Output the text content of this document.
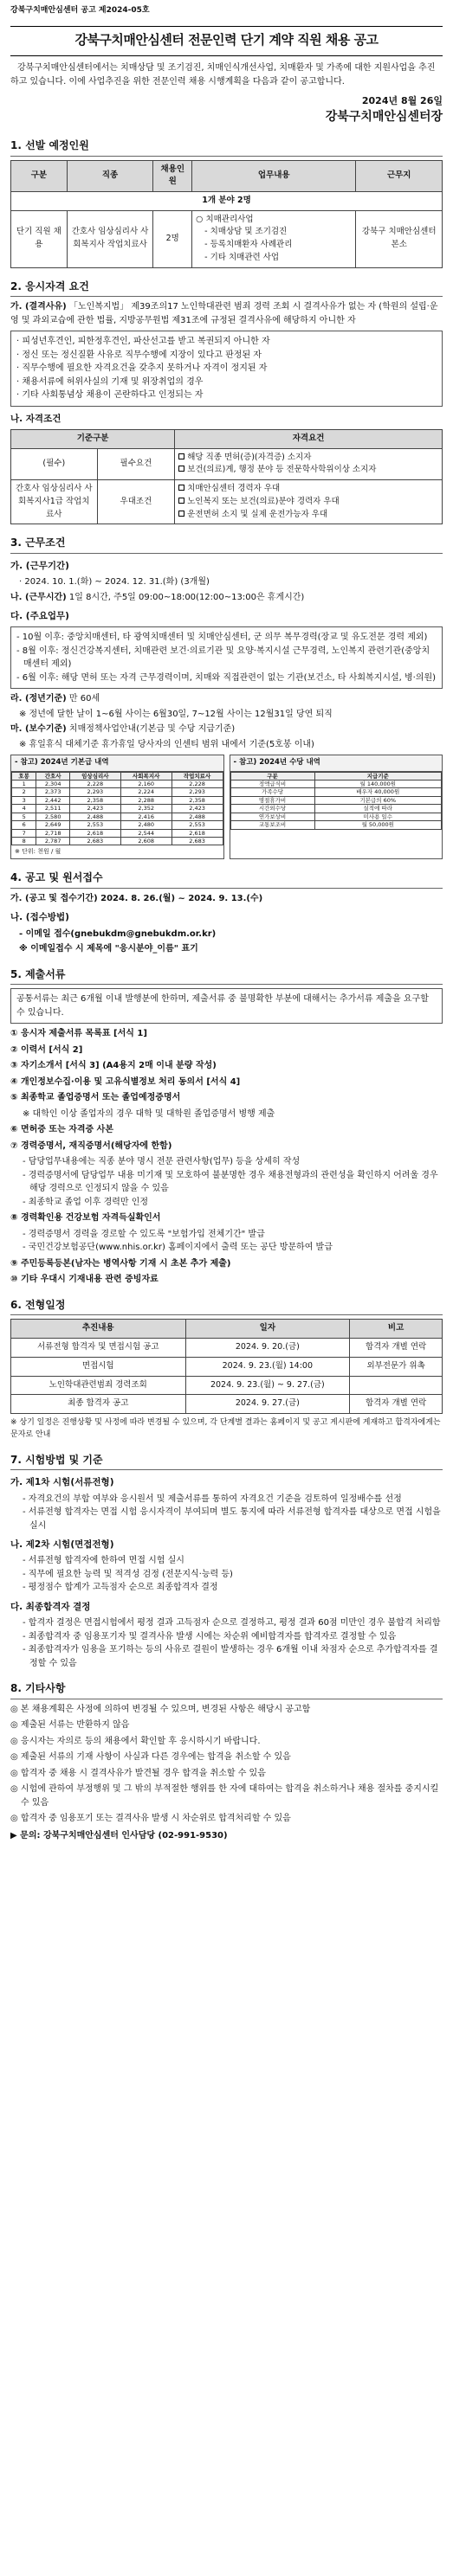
강북구치매안심센터 공고 제2024-05호
강북구치매안심센터 전문인력 단기 계약 직원 채용 공고

강북구치매안심센터에서는 치매상담 및 조기검진, 치매인식개선사업, 치매환자 및 가족에 대한 지원사업을 추진하고 있습니다. 이에 사업추진을 위한 전문인력 채용 시행계획을 다음과 같이 공고합니다.

2024년 8월 26일
강북구치매안심센터장
1. 선발 예정인원
구분	직종	채용인원	업무내용	근무지
1개 분야 2명				
단기 직원 채용	간호사 임상심리사 사회복지사 작업치료사	2명	○ 치매관리사업
- 치매상담 및 조기검진
- 등록치매환자 사례관리
- 기타 치매관련 사업	강북구 치매안심센터 본소
2. 응시자격 요건

가. (결격사유) 「노인복지법」 제39조의17 노인학대관련 범죄 경력 조회 시 결격사유가 없는 자 (학원의 설립‧운영 및 과외교습에 관한 법률, 지방공무원법 제31조에 규정된 결격사유에 해당하지 아니한 자

· 피성년후견인, 피한정후견인, 파산선고를 받고 복권되지 아니한 자
· 정신 또는 정신질환 사유로 직무수행에 지장이 있다고 판정된 자
· 직무수행에 필요한 자격요건을 갖추지 못하거나 자격이 정지된 자
· 채용서류에 허위사실의 기재 및 위장취업의 경우
· 기타 사회통념상 채용이 곤란하다고 인정되는 자
나. 자격조건
기준구분		자격요건
(필수)	필수요건	해당 직종 면허(증)(자격증) 소지자
보건(의료)계, 행정 분야 등 전문학사학위이상 소지자

간호사 임상심리사 사회복지사1급 작업치료사	우대조건	치매안심센터 경력자 우대
노인복지 또는 보건(의료)분야 경력자 우대
운전면허 소지 및 실제 운전가능자 우대
3. 근무조건
가. (근무기간)

· 2024. 10. 1.(화) ~ 2024. 12. 31.(화) (3개월)

나. (근무시간) 1일 8시간, 주5일 09:00~18:00(12:00~13:00은 휴게시간)

다. (주요업무)
- 10월 이후: 중앙치매센터, 타 광역치매센터 및 치매안심센터, 군 의무 복무경력(장교 및 유도전문 경력 제외)
- 8월 이후: 정신건강복지센터, 치매관련 보건·의료기관 및 요양·복지시설 근무경력, 노인복지 관련기관(중앙치매센터 제외)
- 6월 이후: 해당 면허 또는 자격 근무경력이며, 치매와 직접관련이 없는 기관(보건소, 타 사회복지시설, 병·의원)

라. (정년기준) 만 60세

※ 정년에 달한 날이 1~6월 사이는 6월30일, 7~12월 사이는 12월31일 당연 퇴직

마. (보수기준) 치매정책사업안내(기본급 및 수당 지급기준)

※ 휴일휴식 대체기준 휴가휴일 당사자의 인센티 범위 내에서 기준(5호봉 이내)

- 참고) 2024년 기본급 내역
호봉	간호사	임상심리사	사회복지사	작업치료사
1	2,304	2,228	2,160	2,228
2	2,373	2,293	2,224	2,293
3	2,442	2,358	2,288	2,358
4	2,511	2,423	2,352	2,423
5	2,580	2,488	2,416	2,488
6	2,649	2,553	2,480	2,553
7	2,718	2,618	2,544	2,618
8	2,787	2,683	2,608	2,683
※ 단위: 천원 / 월
- 참고) 2024년 수당 내역
구분	지급기준
정액급식비	월 140,000원
가족수당	배우자 40,000원
명절휴가비	기본급의 60%
시간외수당	실적에 따라
연가보상비	미사용 일수
교통보조비	월 50,000원
4. 공고 및 원서접수

가. (공고 및 접수기간) 2024. 8. 26.(월) ~ 2024. 9. 13.(수)

나. (접수방법)

- 이메일 접수(gnebukdm@gnebukdm.or.kr)

※ 이메일접수 시 제목에 "응시분야_이름" 표기

5. 제출서류
공통서류는 최근 6개월 이내 발행분에 한하며, 제출서류 중 불명확한 부분에 대해서는 추가서류 제출을 요구할 수 있습니다.
① 응시자 제출서류 목록표 [서식 1]
② 이력서 [서식 2]
③ 자기소개서 [서식 3] (A4용지 2매 이내 분량 작성)
④ 개인정보수집·이용 및 고유식별정보 처리 동의서 [서식 4]
⑤ 최종학교 졸업증명서 또는 졸업예정증명서
※ 대학인 이상 졸업자의 경우 대학 및 대학원 졸업증명서 병행 제출
⑥ 면허증 또는 자격증 사본
⑦ 경력증명서, 재직증명서(해당자에 한함)
- 담당업무내용에는 직종 분야 명시 전문 관련사항(업무) 등을 상세히 작성
- 경력증명서에 담당업무 내용 미기재 및 모호하여 불분명한 경우 채용전형과의 관련성을 확인하지 어려울 경우 해당 경력으로 인정되지 않을 수 있음
- 최종학교 졸업 이후 경력만 인정
⑧ 경력확인용 건강보험 자격득실확인서
- 경력증명서 경력을 경로할 수 있도록 "보험가입 전체기간" 발급
- 국민건강보험공단(www.nhis.or.kr) 홈페이지에서 출력 또는 공단 방문하여 발급
⑨ 주민등록등본(남자는 병역사항 기재 시 초본 추가 제출)
⑩ 기타 우대시 기재내용 관련 증빙자료
6. 전형일정
추진내용	일자	비고
서류전형 합격자 및 면접시험 공고	2024. 9. 20.(금)	합격자 개별 연락
면접시험	2024. 9. 23.(월) 14:00	외부전문가 위촉
노인학대관련범죄 경력조회	2024. 9. 23.(월) ~ 9. 27.(금)	
최종 합격자 공고	2024. 9. 27.(금)	합격자 개별 연락

※ 상기 일정은 진행상황 및 사정에 따라 변경될 수 있으며, 각 단계별 결과는 홈페이지 및 공고 게시판에 게재하고 합격자에게는 문자로 안내

7. 시험방법 및 기준
가. 제1차 시험(서류전형)
- 자격요건의 부합 여부와 응시원서 및 제출서류를 통하여 자격요건 기준을 검토하여 일정배수를 선정
- 서류전형 합격자는 면접 시험 응시자격이 부여되며 별도 통지에 따라 서류전형 합격자를 대상으로 면접 시험을 실시
나. 제2차 시험(면접전형)
- 서류전형 합격자에 한하여 면접 시험 실시
- 직무에 필요한 능력 및 적격성 검정 (전문지식·능력 등)
- 평정점수 합계가 고득점자 순으로 최종합격자 결정
다. 최종합격자 결정
- 합격자 결정은 면접시험에서 평정 결과 고득점자 순으로 결정하고, 평정 결과 60점 미만인 경우 불합격 처리함
- 최종합격자 중 임용포기자 및 결격사유 발생 시에는 차순위 예비합격자를 합격자로 결정할 수 있음
- 최종합격자가 임용을 포기하는 등의 사유로 결원이 발생하는 경우 6개월 이내 차점자 순으로 추가합격자를 결정할 수 있음
8. 기타사항
◎ 본 채용계획은 사정에 의하여 변경될 수 있으며, 변경된 사항은 해당시 공고함
◎ 제출된 서류는 반환하지 않음
◎ 응시자는 자의로 등의 채용에서 확인할 후 응시하시기 바랍니다.
◎ 제출된 서류의 기재 사항이 사실과 다른 경우에는 합격을 취소할 수 있음
◎ 합격자 중 채용 시 결격사유가 발견될 경우 합격을 취소할 수 있음
◎ 시험에 관하여 부정행위 및 그 밖의 부적절한 행위를 한 자에 대하여는 합격을 취소하거나 채용 절차를 중지시킬 수 있음
◎ 합격자 중 임용포기 또는 결격사유 발생 시 차순위로 합격처리할 수 있음

▶ 문의: 강북구치매안심센터 인사담당 (02-991-9530)
